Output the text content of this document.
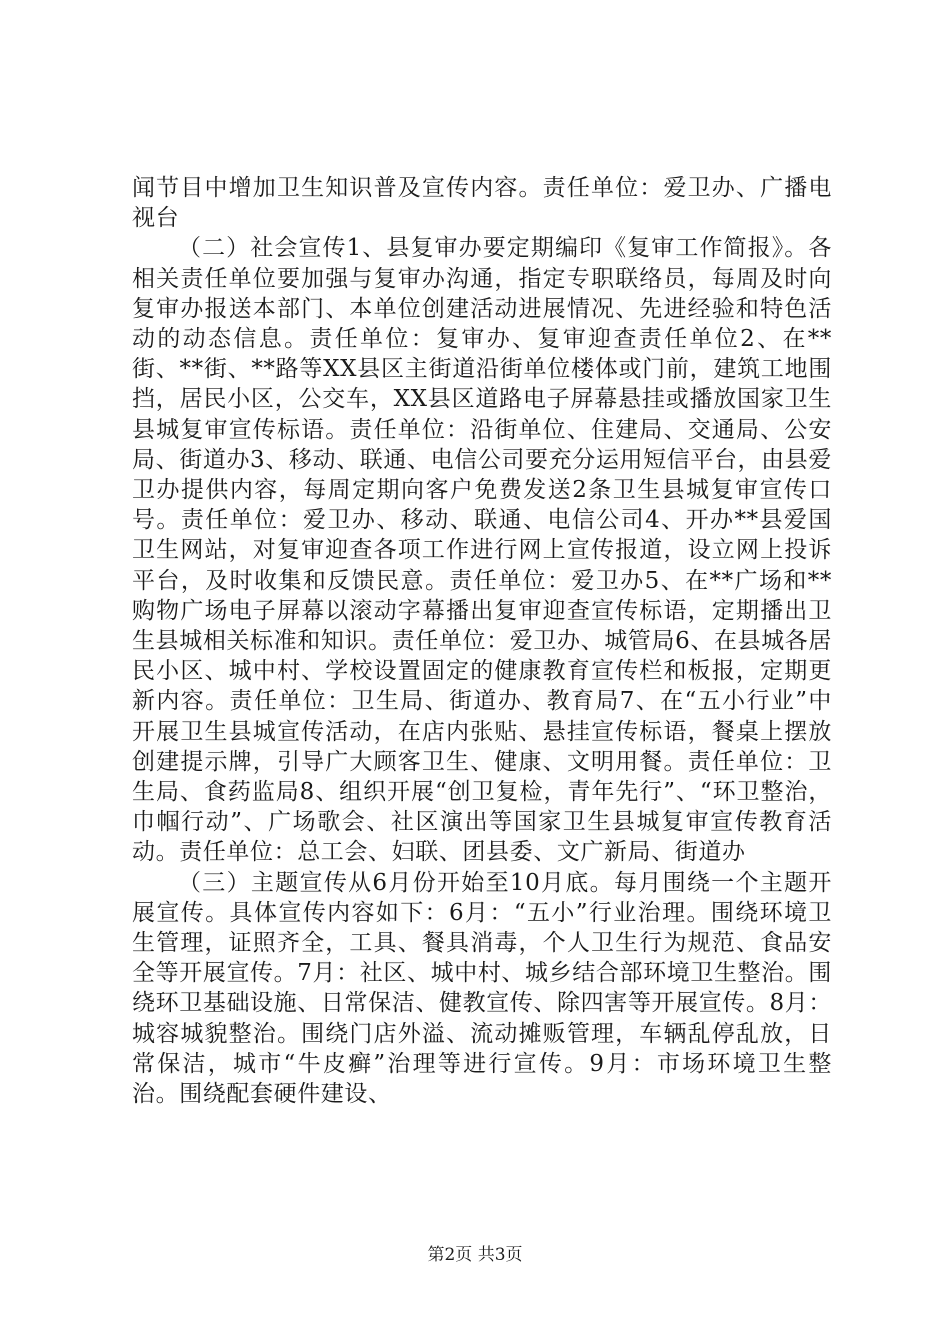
闻节目中增加卫生知识普及宣传内容。责任单位：爱卫办、广播电视台

（二）社会宣传1、县复审办要定期编印《复审工作简报》。各相关责任单位要加强与复审办沟通，指定专职联络员，每周及时向复审办报送本部门、本单位创建活动进展情况、先进经验和特色活动的动态信息。责任单位：复审办、复审迎查责任单位2、在**街、**街、**路等XX县区主街道沿街单位楼体或门前，建筑工地围挡，居民小区，公交车，XX县区道路电子屏幕悬挂或播放国家卫生县城复审宣传标语。责任单位：沿街单位、住建局、交通局、公安局、街道办3、移动、联通、电信公司要充分运用短信平台，由县爱卫办提供内容，每周定期向客户免费发送2条卫生县城复审宣传口号。责任单位：爱卫办、移动、联通、电信公司4、开办**县爱国卫生网站，对复审迎查各项工作进行网上宣传报道，设立网上投诉平台，及时收集和反馈民意。责任单位：爱卫办5、在**广场和**购物广场电子屏幕以滚动字幕播出复审迎查宣传标语，定期播出卫生县城相关标准和知识。责任单位：爱卫办、城管局6、在县城各居民小区、城中村、学校设置固定的健康教育宣传栏和板报，定期更新内容。责任单位：卫生局、街道办、教育局7、在“五小行业”中开展卫生县城宣传活动，在店内张贴、悬挂宣传标语，餐桌上摆放创建提示牌，引导广大顾客卫生、健康、文明用餐。责任单位：卫生局、食药监局8、组织开展“创卫复检，青年先行”、“环卫整治，巾帼行动”、广场歌会、社区演出等国家卫生县城复审宣传教育活动。责任单位：总工会、妇联、团县委、文广新局、街道办

（三）主题宣传从6月份开始至10月底。每月围绕一个主题开展宣传。具体宣传内容如下：6月：“五小”行业治理。围绕环境卫生管理，证照齐全，工具、餐具消毒，个人卫生行为规范、食品安全等开展宣传。7月：社区、城中村、城乡结合部环境卫生整治。围绕环卫基础设施、日常保洁、健教宣传、除四害等开展宣传。8月：城容城貌整治。围绕门店外溢、流动摊贩管理，车辆乱停乱放，日常保洁，城市“牛皮癣”治理等进行宣传。9月：市场环境卫生整治。围绕配套硬件建设、

第2页 共3页
